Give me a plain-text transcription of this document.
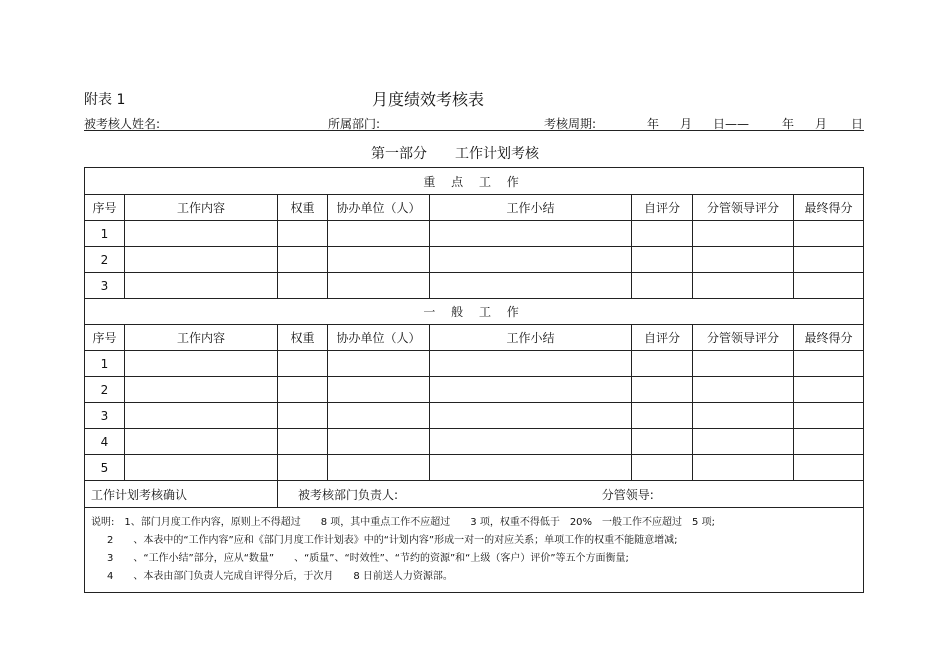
附表 1	月度绩效考核表
被考核人姓名:	所属部门:	考核周期:	年 月 日——	年 月 日
第一部分　　工作计划考核
重 点 工 作							
序号	工作内容	权重	协办单位（人）	工作小结	自评分	分管领导评分	最终得分
1							
2							
3							
一 般 工 作							
序号	工作内容	权重	协办单位（人）	工作小结	自评分	分管领导评分	最终得分
1							
2							
3							
4							
5							
工作计划考核确认		被考核部门负责人: 分管领导:					

说明:　1、部门月度工作内容，原则上不得超过　　8 项，其中重点工作不应超过　　3 项，权重不得低于　20%　一般工作不应超过　5 项;
2　　、本表中的“工作内容”应和《部门月度工作计划表》中的“计划内容”形成一对一的对应关系；单项工作的权重不能随意增减;
3　　、“工作小结”部分，应从“数量”　　、“质量”、“时效性”、“节约的资源”和“上级（客户）评价”等五个方面衡量;
4　　、本表由部门负责人完成自评得分后，于次月　　8 日前送人力资源部。							
